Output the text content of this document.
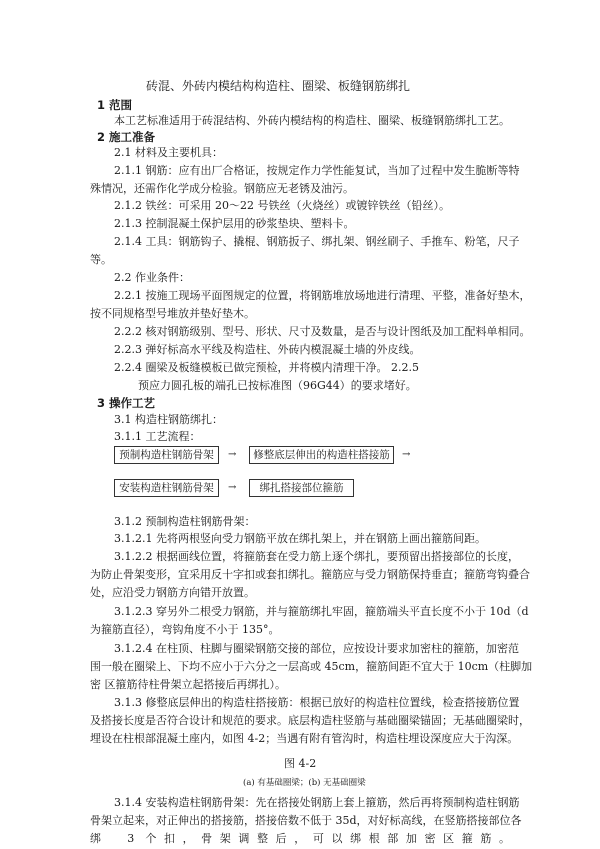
砖混、外砖内模结构构造柱、圈梁、板缝钢筋绑扎
1 范围
本工艺标准适用于砖混结构、外砖内模结构的构造柱、圈梁、板缝钢筋绑扎工艺。
2 施工准备
2.1 材料及主要机具：
2.1.1 钢筋：应有出厂合格证，按规定作力学性能复试，当加了过程中发生脆断等特
殊情况，还需作化学成分检验。钢筋应无老锈及油污。
2.1.2 铁丝：可采用 20～22 号铁丝（火烧丝）或镀锌铁丝（铅丝）。
2.1.3 控制混凝土保护层用的砂浆垫块、塑料卡。
2.1.4 工具：钢筋钩子、撬棍、钢筋扳子、绑扎架、钢丝刷子、手推车、粉笔，尺子
等。
2.2 作业条件：
2.2.1 按施工现场平面图规定的位置，将钢筋堆放场地进行清理、平整，准备好垫木，
按不同规格型号堆放并垫好垫木。
2.2.2 核对钢筋级别、型号、形状、尺寸及数量，是否与设计图纸及加工配料单相同。
2.2.3 弹好标高水平线及构造柱、外砖内模混凝土墙的外皮线。
2.2.4 圈梁及板缝模板已做完预检，并将模内清理干净。 2.2.5
预应力圆孔板的端孔已按标准图（96G44）的要求堵好。
3 操作工艺
3.1 构造柱钢筋绑扎：
3.1.1 工艺流程：
预制构造柱钢筋骨架	→	修整底层伸出的构造柱搭接筋	→
安装构造柱钢筋骨架	→	绑扎搭接部位箍筋
3.1.2 预制构造柱钢筋骨架：
3.1.2.1 先将两根竖向受力钢筋平放在绑扎架上，并在钢筋上画出箍筋间距。
3.1.2.2 根据画线位置，将箍筋套在受力筋上逐个绑扎，要预留出搭接部位的长度，
为防止骨架变形，宜采用反十字扣或套扣绑扎。箍筋应与受力钢筋保持垂直；箍筋弯钩叠合
处，应沿受力钢筋方向错开放置。
3.1.2.3 穿另外二根受力钢筋，并与箍筋绑扎牢固，箍筋端头平直长度不小于 10d（d
为箍筋直径），弯钩角度不小于 135°。
3.1.2.4 在柱顶、柱脚与圈梁钢筋交接的部位，应按设计要求加密柱的箍筋，加密范
围一般在圈梁上、下均不应小于六分之一层高或 45cm，箍筋间距不宜大于 10cm（柱脚加
密 区箍筋待柱骨架立起搭接后再绑扎）。
3.1.3 修整底层伸出的构造柱搭接筋：根据已放好的构造柱位置线，检查搭接筋位置
及搭接长度是否符合设计和规范的要求。底层构造柱竖筋与基础圈梁锚固；无基础圈梁时，
埋设在柱根部混凝土座内，如图 4-2；当遇有附有管沟时，构造柱埋设深度应大于沟深。
图 4-2
(a) 有基础圈梁；(b) 无基础圈梁
3.1.4 安装构造柱钢筋骨架：先在搭接处钢筋上套上箍筋，然后再将预制构造柱钢筋
骨架立起来，对正伸出的搭接筋，搭接倍数不低于 35d，对好标高线，在竖筋搭接部位各
绑　3 个扣，骨架调整后，可以绑根部加密区箍筋。
